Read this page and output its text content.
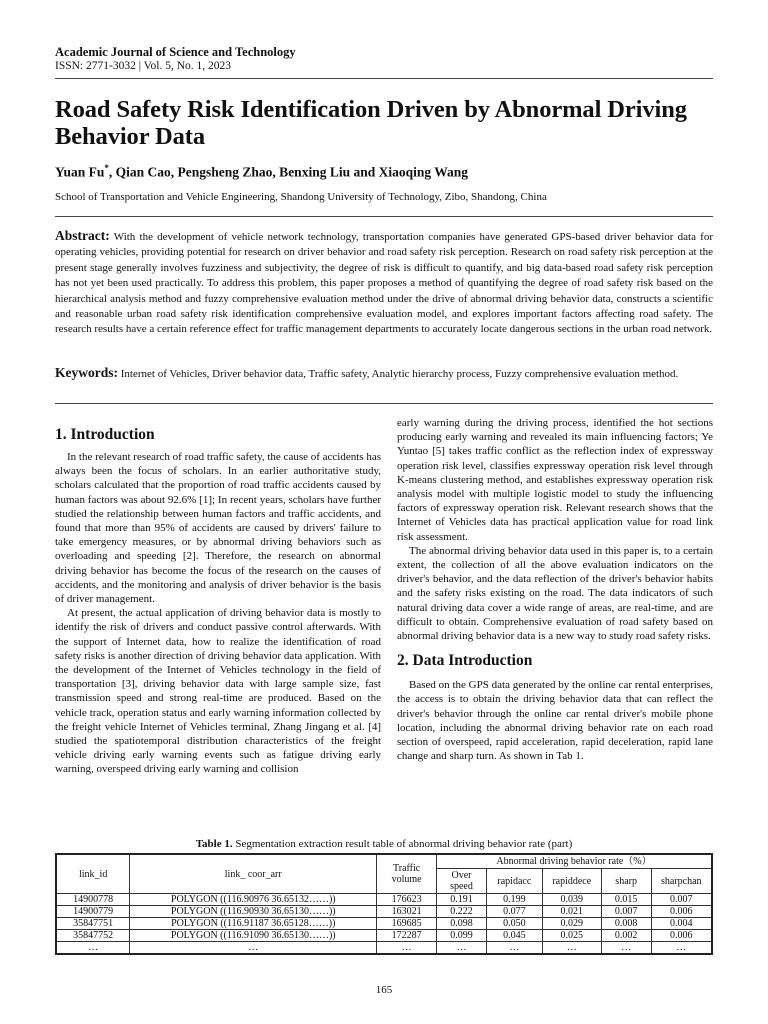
Academic Journal of Science and Technology
ISSN: 2771-3032 | Vol. 5, No. 1, 2023
Road Safety Risk Identification Driven by Abnormal Driving Behavior Data
Yuan Fu*, Qian Cao, Pengsheng Zhao, Benxing Liu and Xiaoqing Wang
School of Transportation and Vehicle Engineering, Shandong University of Technology, Zibo, Shandong, China
Abstract: With the development of vehicle network technology, transportation companies have generated GPS-based driver behavior data for operating vehicles, providing potential for research on driver behavior and road safety risk perception. Research on road safety risk perception at the present stage generally involves fuzziness and subjectivity, the degree of risk is difficult to quantify, and big data-based road safety risk perception has not yet been used practically. To address this problem, this paper proposes a method of quantifying the degree of road safety risk based on the hierarchical analysis method and fuzzy comprehensive evaluation method under the drive of abnormal driving behavior data, constructs a scientific and reasonable urban road safety risk identification comprehensive evaluation model, and explores important factors affecting road safety. The research results have a certain reference effect for traffic management departments to accurately locate dangerous sections in the urban road network.
Keywords: Internet of Vehicles, Driver behavior data, Traffic safety, Analytic hierarchy process, Fuzzy comprehensive evaluation method.
1. Introduction

In the relevant research of road traffic safety, the cause of accidents has always been the focus of scholars. In an earlier authoritative study, scholars calculated that the proportion of road traffic accidents caused by human factors was about 92.6% [1]; In recent years, scholars have further studied the relationship between human factors and traffic accidents, and found that more than 95% of accidents are caused by drivers' failure to take emergency measures, or by abnormal driving behaviors such as overloading and speeding [2]. Therefore, the research on abnormal driving behavior has become the focus of the research on the causes of accidents, and the monitoring and analysis of driver behavior is the basis of driver management.

At present, the actual application of driving behavior data is mostly to identify the risk of drivers and conduct passive control afterwards. With the support of Internet data, how to realize the identification of road safety risks is another direction of driving behavior data application. With the development of the Internet of Vehicles technology in the field of transportation [3], driving behavior data with large sample size, fast transmission speed and strong real-time are produced. Based on the vehicle track, operation status and early warning information collected by the freight vehicle Internet of Vehicles terminal, Zhang Jingang et al. [4] studied the spatiotemporal distribution characteristics of the freight vehicle driving early warning events such as fatigue driving early warning, overspeed driving early warning and collision

early warning during the driving process, identified the hot sections producing early warning and revealed its main influencing factors; Ye Yuntao [5] takes traffic conflict as the reflection index of expressway operation risk level, classifies expressway operation risk level through K-means clustering method, and establishes expressway operation risk analysis model with multiple logistic model to study the influencing factors of expressway operation risk. Relevant research shows that the Internet of Vehicles data has practical application value for road link risk assessment.

The abnormal driving behavior data used in this paper is, to a certain extent, the collection of all the above evaluation indicators on the driver's behavior, and the data reflection of the driver's behavior habits and the safety risks existing on the road. The data indicators of such natural driving data cover a wide range of areas, are real-time, and are difficult to obtain. Comprehensive evaluation of road safety based on abnormal driving behavior data is a new way to study road safety risks.

2. Data Introduction

Based on the GPS data generated by the online car rental enterprises, the access is to obtain the driving behavior data that can reflect the driver's behavior through the online car rental driver's mobile phone location, including the abnormal driving behavior rate on each road section of overspeed, rapid acceleration, rapid deceleration, rapid lane change and sharp turn. As shown in Tab 1.

Table 1. Segmentation extraction result table of abnormal driving behavior rate (part)
link_id	link_ coor_arr	Traffic volume	Abnormal driving behavior rate（%）				
			Over speed	rapidacc	rapiddece	sharp	sharpchan
14900778	POLYGON ((116.90976 36.65132……))	176623	0.191	0.199	0.039	0.015	0.007
14900779	POLYGON ((116.90930 36.65130……))	163021	0.222	0.077	0.021	0.007	0.006
35847751	POLYGON ((116.91187 36.65128……))	169685	0.098	0.050	0.029	0.008	0.004
35847752	POLYGON ((116.91090 36.65130……))	172287	0.099	0.045	0.025	0.002	0.006
…	…	…	…	…	…	…	…
165
